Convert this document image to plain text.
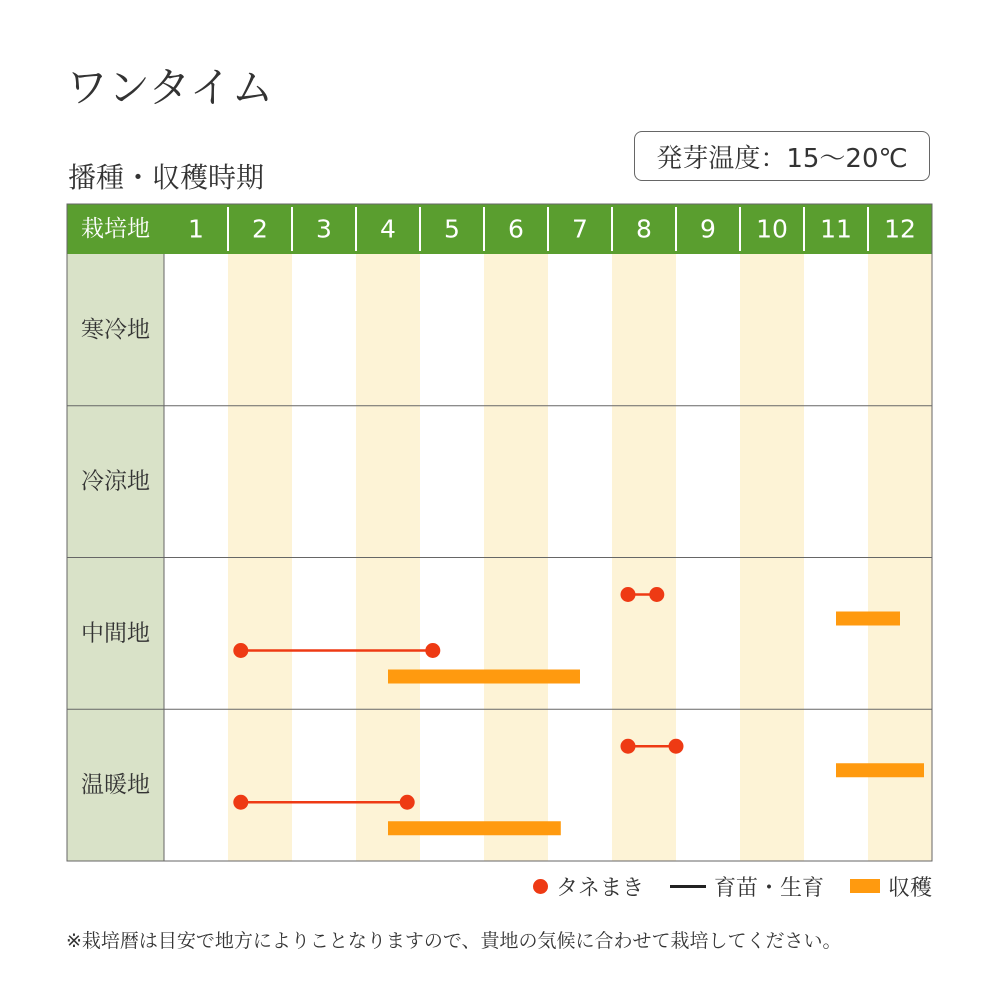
ワンタイム
播種・収穫時期
発芽温度：15〜20℃
栽培地 1 2 3 4 5 6 7 8 9 10 11 12
寒冷地
冷涼地
中間地
温暖地
タネまき	育苗・生育	収穫
※栽培暦は目安で地方によりことなりますので、貴地の気候に合わせて栽培してください。
